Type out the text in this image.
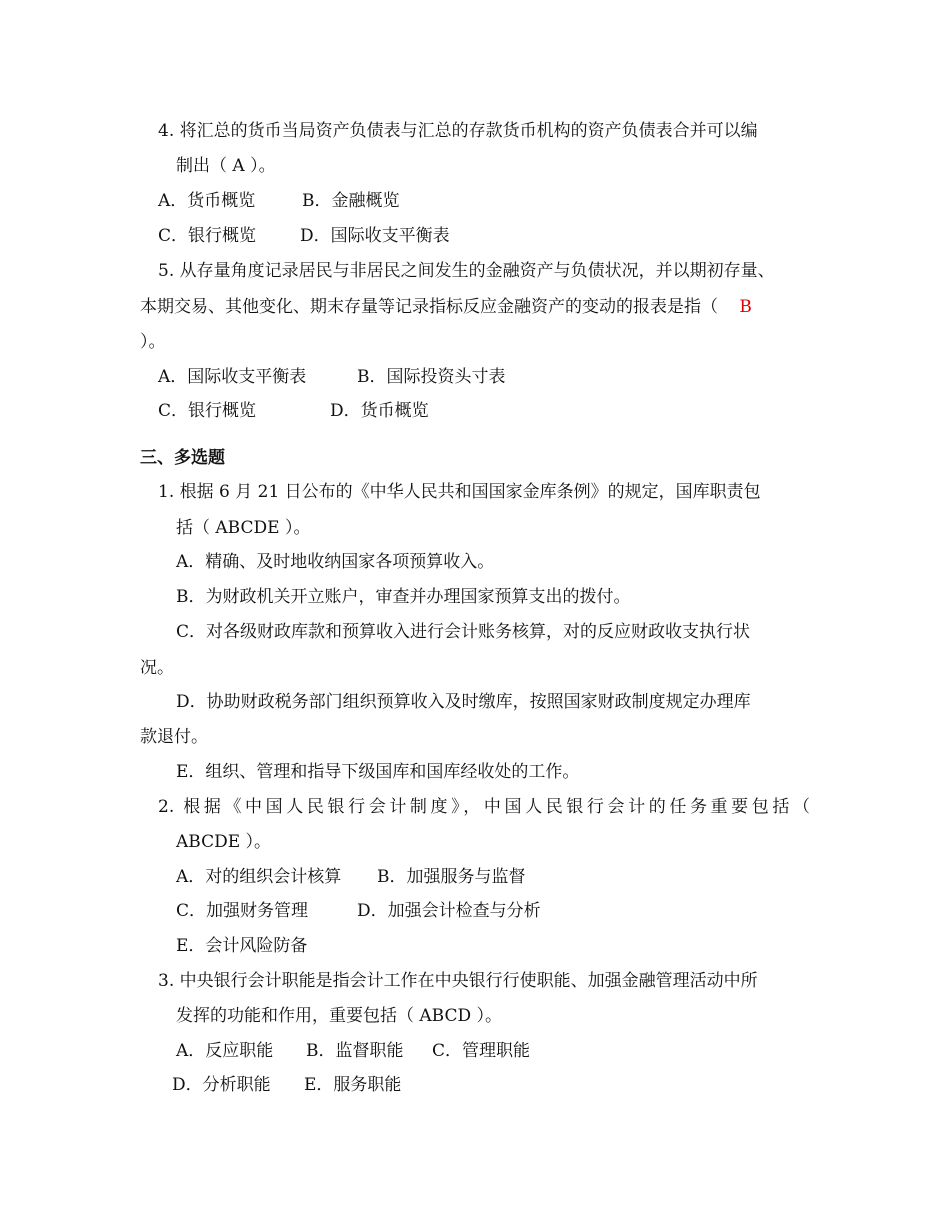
4. 将汇总的货币当局资产负债表与汇总的存款货币机构的资产负债表合并可以编
制出（ A ）。
A．货币概览	B．金融概览
C．银行概览	D．国际收支平衡表
5. 从存量角度记录居民与非居民之间发生的金融资产与负债状况，并以期初存量、
本期交易、其他变化、期末存量等记录指标反应金融资产的变动的报表是指（ B
）。
A．国际收支平衡表	B．国际投资头寸表
C．银行概览	D．货币概览
三、多选题
1. 根据 6 月 21 日公布的《中华人民共和国国家金库条例》的规定，国库职责包
括（ ABCDE ）。
A．精确、及时地收纳国家各项预算收入。
B．为财政机关开立账户，审查并办理国家预算支出的拨付。
C．对各级财政库款和预算收入进行会计账务核算，对的反应财政收支执行状
况。
D．协助财政税务部门组织预算收入及时缴库，按照国家财政制度规定办理库
款退付。
E．组织、管理和指导下级国库和国库经收处的工作。
2. 根据《中国人民银行会计制度》，中国人民银行会计的任务重要包括（
ABCDE ）。
A．对的组织会计核算 B．加强服务与监督
C．加强财务管理	D．加强会计检查与分析
E．会计风险防备
3. 中央银行会计职能是指会计工作在中央银行行使职能、加强金融管理活动中所
发挥的功能和作用，重要包括（ ABCD ）。
A．反应职能 B．监督职能 C．管理职能
D．分析职能 E．服务职能
